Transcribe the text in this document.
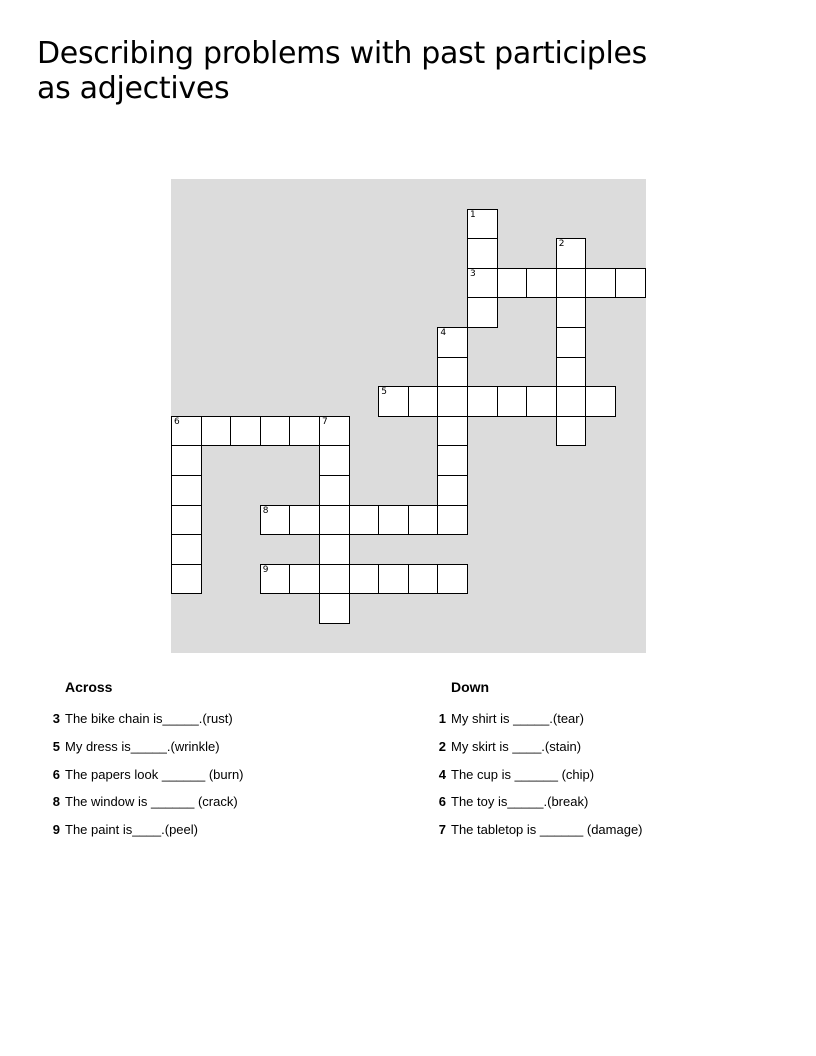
Describing problems with past participles as adjectives
1
3
2
4
5
6	7
8
9
Across
3 The bike chain is_____.(rust)
5 My dress is_____.(wrinkle)
6 The papers look ______ (burn)
8 The window is ______ (crack)
9 The paint is____.(peel)
Down
1 My shirt is _____.(tear)
2 My skirt is ____.(stain)
4 The cup is ______ (chip)
6 The toy is_____.(break)
7 The tabletop is ______ (damage)
